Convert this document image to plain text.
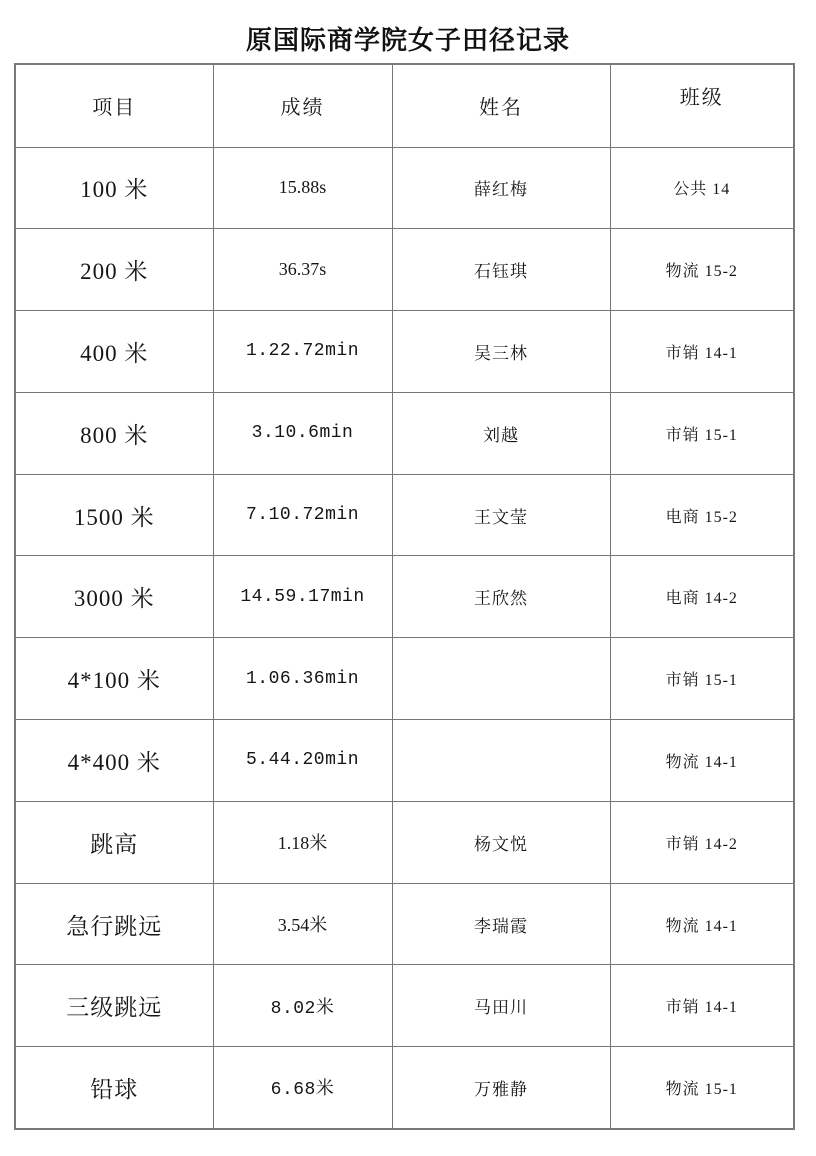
原国际商学院女子田径记录
项目	成绩	姓名	班级
100 米	15.88s	薛红梅	公共 14
200 米	36.37s	石钰琪	物流 15-2
400 米	1.22.72min	吴三林	市销 14-1
800 米	3.10.6min	刘越	市销 15-1
1500 米	7.10.72min	王文莹	电商 15-2
3000 米	14.59.17min	王欣然	电商 14-2
4*100 米	1.06.36min		市销 15-1
4*400 米	5.44.20min		物流 14-1
跳高	1.18米	杨文悦	市销 14-2
急行跳远	3.54米	李瑞霞	物流 14-1
三级跳远	8.02米	马田川	市销 14-1
铅球	6.68米	万雅静	物流 15-1
